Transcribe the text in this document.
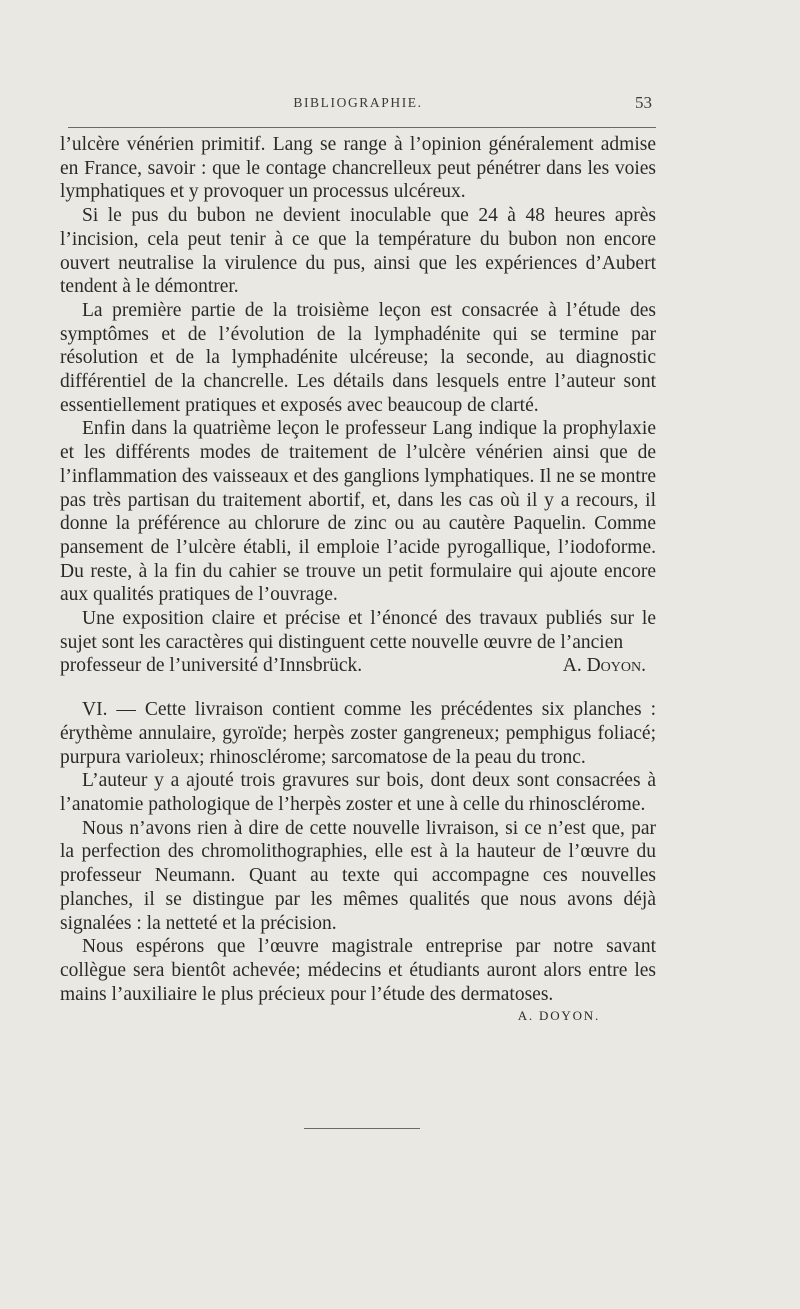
BIBLIOGRAPHIE.	53

l’ulcère vénérien primitif. Lang se range à l’opinion généralement admise en France, savoir : que le contage chancrelleux peut pénétrer dans les voies lymphatiques et y provoquer un processus ulcéreux.

Si le pus du bubon ne devient inoculable que 24 à 48 heures après l’incision, cela peut tenir à ce que la température du bubon non encore ouvert neutralise la virulence du pus, ainsi que les expériences d’Aubert tendent à le démontrer.

La première partie de la troisième leçon est consacrée à l’étude des symptômes et de l’évolution de la lymphadénite qui se termine par résolution et de la lymphadénite ulcéreuse; la seconde, au diagnostic différentiel de la chancrelle. Les détails dans lesquels entre l’auteur sont essentiellement pratiques et exposés avec beaucoup de clarté.

Enfin dans la quatrième leçon le professeur Lang indique la prophylaxie et les différents modes de traitement de l’ulcère vénérien ainsi que de l’inflammation des vaisseaux et des ganglions lymphatiques. Il ne se montre pas très partisan du traitement abortif, et, dans les cas où il y a recours, il donne la préférence au chlorure de zinc ou au cautère Paquelin. Comme pansement de l’ulcère établi, il emploie l’acide pyrogallique, l’iodoforme. Du reste, à la fin du cahier se trouve un petit formulaire qui ajoute encore aux qualités pratiques de l’ouvrage.

Une exposition claire et précise et l’énoncé des travaux publiés sur le sujet sont les caractères qui distinguent cette nouvelle œuvre de l’ancien

professeur de l’université d’Innsbrück.	A. Doyon.

VI. — Cette livraison contient comme les précédentes six planches : érythème annulaire, gyroïde; herpès zoster gangreneux; pemphigus foliacé; purpura varioleux; rhinosclérome; sarcomatose de la peau du tronc.

L’auteur y a ajouté trois gravures sur bois, dont deux sont consacrées à l’anatomie pathologique de l’herpès zoster et une à celle du rhinosclérome.

Nous n’avons rien à dire de cette nouvelle livraison, si ce n’est que, par la perfection des chromolithographies, elle est à la hauteur de l’œuvre du professeur Neumann. Quant au texte qui accompagne ces nouvelles planches, il se distingue par les mêmes qualités que nous avons déjà signalées : la netteté et la précision.

Nous espérons que l’œuvre magistrale entreprise par notre savant collègue sera bientôt achevée; médecins et étudiants auront alors entre les mains l’auxiliaire le plus précieux pour l’étude des dermatoses.

A. DOYON.
